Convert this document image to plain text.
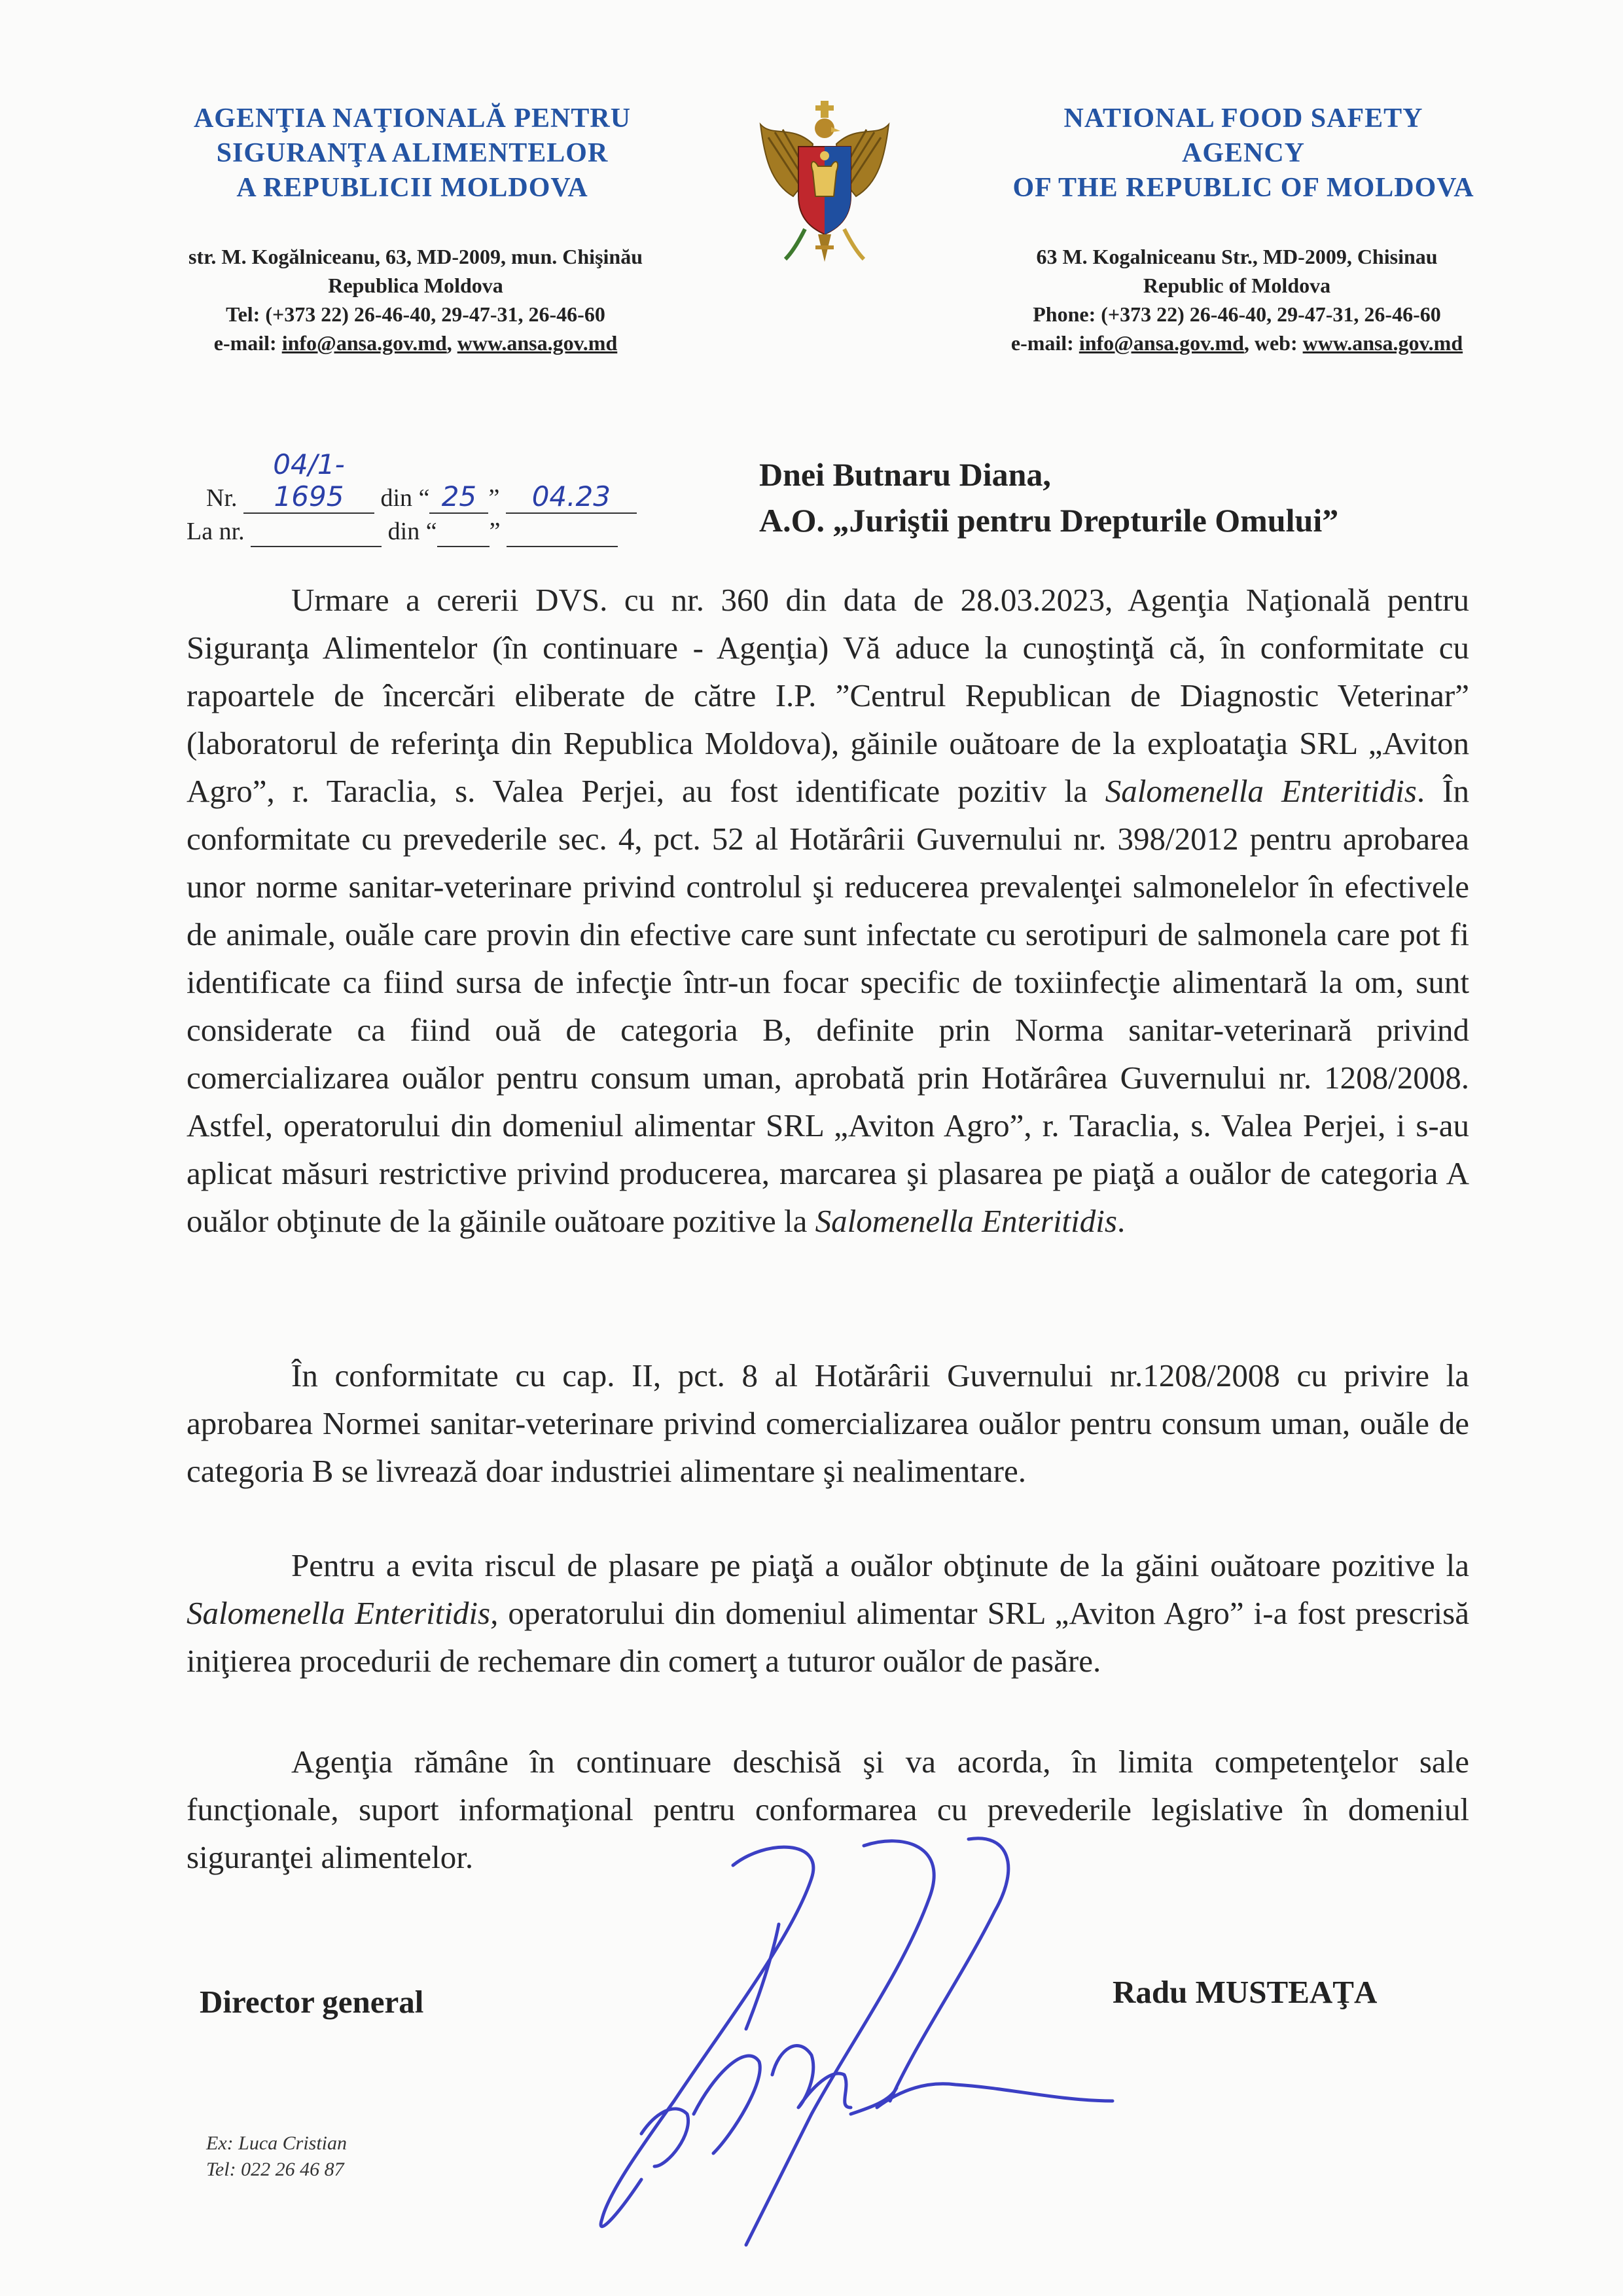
AGENŢIA NAŢIONALĂ PENTRU
SIGURANŢA ALIMENTELOR
A REPUBLICII MOLDOVA
str. M. Kogălniceanu, 63, MD-2009, mun. Chişinău
Republica Moldova
Tel: (+373 22) 26-46-40, 29-47-31, 26-46-60
e-mail: info@ansa.gov.md, www.ansa.gov.md
NATIONAL FOOD SAFETY
AGENCY
OF THE REPUBLIC OF MOLDOVA
63 M. Kogalniceanu Str., MD-2009, Chisinau
Republic of Moldova
Phone: (+373 22) 26-46-40, 29-47-31, 26-46-60
e-mail: info@ansa.gov.md, web: www.ansa.gov.md
Nr. 04/1-1695 din “ 25 ” 04.23
La nr.	din “ ”
Dnei Butnaru Diana,
A.O. „Juriştii pentru Drepturile Omului”
Urmare a cererii DVS. cu nr. 360 din data de 28.03.2023, Agenţia Naţională pentru Siguranţa Alimentelor (în continuare - Agenţia) Vă aduce la cunoştinţă că, în conformitate cu rapoartele de încercări eliberate de către I.P. ”Centrul Republican de Diagnostic Veterinar” (laboratorul de referinţa din Republica Moldova), găinile ouătoare de la exploataţia SRL „Aviton Agro”, r. Taraclia, s. Valea Perjei, au fost identificate pozitiv la Salomenella Enteritidis. În conformitate cu prevederile sec. 4, pct. 52 al Hotărârii Guvernului nr. 398/2012 pentru aprobarea unor norme sanitar-veterinare privind controlul şi reducerea prevalenţei salmonelelor în efectivele de animale, ouăle care provin din efective care sunt infectate cu serotipuri de salmonela care pot fi identificate ca fiind sursa de infecţie într-un focar specific de toxiinfecţie alimentară la om, sunt considerate ca fiind ouă de categoria B, definite prin Norma sanitar-veterinară privind comercializarea ouălor pentru consum uman, aprobată prin Hotărârea Guvernului nr. 1208/2008. Astfel, operatorului din domeniul alimentar SRL „Aviton Agro”, r. Taraclia, s. Valea Perjei, i s-au aplicat măsuri restrictive privind producerea, marcarea şi plasarea pe piaţă a ouălor de categoria A ouălor obţinute de la găinile ouătoare pozitive la Salomenella Enteritidis.
În conformitate cu cap. II, pct. 8 al Hotărârii Guvernului nr.1208/2008 cu privire la aprobarea Normei sanitar-veterinare privind comercializarea ouălor pentru consum uman, ouăle de categoria B se livrează doar industriei alimentare şi nealimentare.
Pentru a evita riscul de plasare pe piaţă a ouălor obţinute de la găini ouătoare pozitive la Salomenella Enteritidis, operatorului din domeniul alimentar SRL „Aviton Agro” i-a fost prescrisă iniţierea procedurii de rechemare din comerţ a tuturor ouălor de pasăre.
Agenţia rămâne în continuare deschisă şi va acorda, în limita competenţelor sale funcţionale, suport informaţional pentru conformarea cu prevederile legislative în domeniul siguranţei alimentelor.
Director general	Radu MUSTEAŢA
Ex: Luca Cristian
Tel: 022 26 46 87
